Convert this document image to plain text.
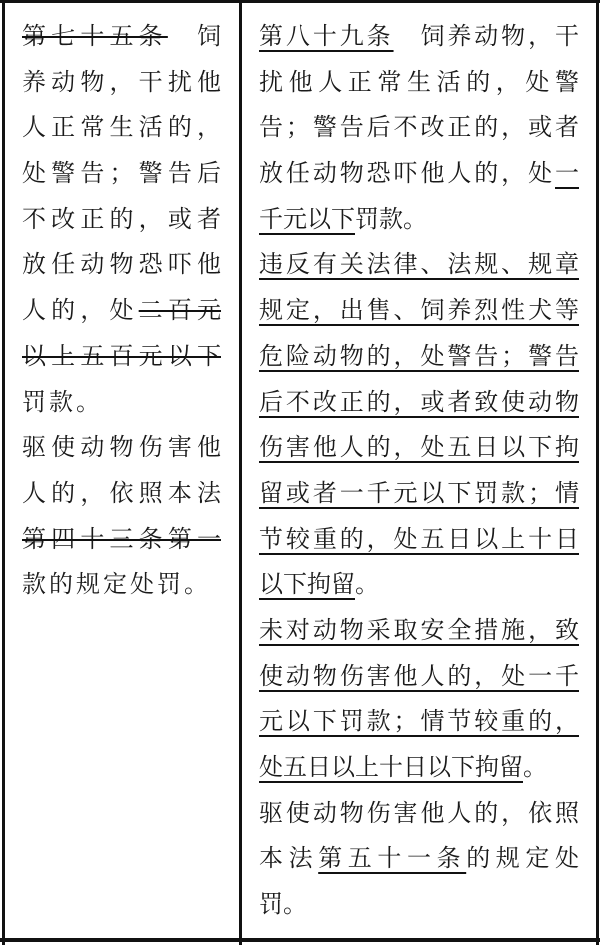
第七十五条　饲
养动物，干扰他
人正常生活的，
处警告；警告后
不改正的，或者
放任动物恐吓他
人的，处二百元
以上五百元以下
罚款。
驱使动物伤害他
人的，依照本法
第四十三条第一
款的规定处罚。
第八十九条　饲养动物，干
扰他人正常生活的，处警
告；警告后不改正的，或者
放任动物恐吓他人的，处一
千元以下罚款。
违反有关法律、法规、规章
规定，出售、饲养烈性犬等
危险动物的，处警告；警告
后不改正的，或者致使动物
伤害他人的，处五日以下拘
留或者一千元以下罚款；情
节较重的，处五日以上十日
以下拘留。
未对动物采取安全措施，致
使动物伤害他人的，处一千
元以下罚款；情节较重的，
处五日以上十日以下拘留。
驱使动物伤害他人的，依照
本法第五十一条的规定处
罚。
